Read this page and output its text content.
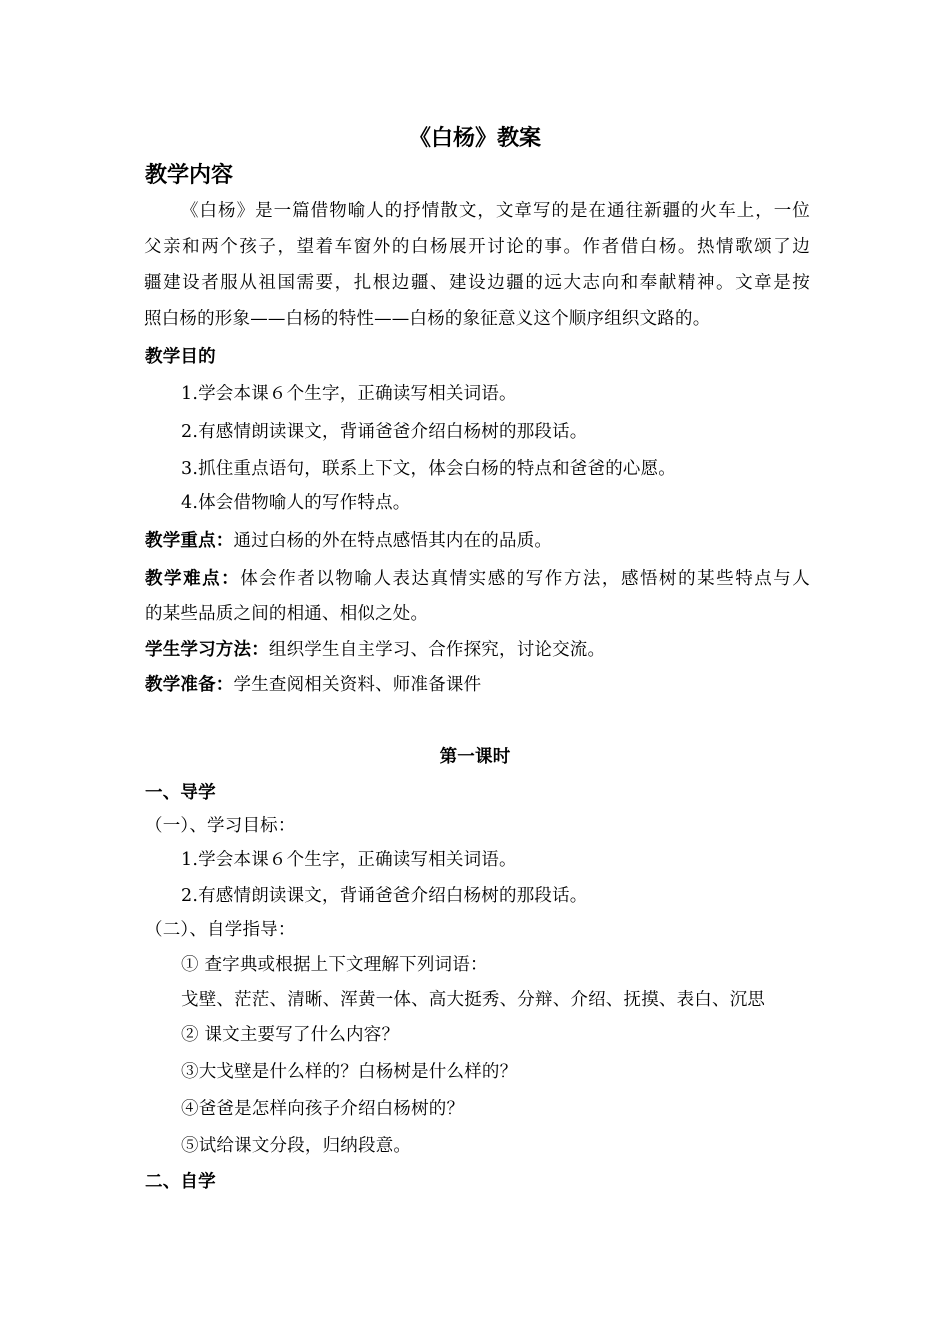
《白杨》教案
教学内容
《白杨》是一篇借物喻人的抒情散文，文章写的是在通往新疆的火车上，一位
父亲和两个孩子，望着车窗外的白杨展开讨论的事。作者借白杨。热情歌颂了边
疆建设者服从祖国需要，扎根边疆、建设边疆的远大志向和奉献精神。文章是按
照白杨的形象——白杨的特性——白杨的象征意义这个顺序组织文路的。
教学目的
1.学会本课６个生字，正确读写相关词语。
2.有感情朗读课文，背诵爸爸介绍白杨树的那段话。
3.抓住重点语句，联系上下文，体会白杨的特点和爸爸的心愿。
4.体会借物喻人的写作特点。
教学重点：通过白杨的外在特点感悟其内在的品质。
教学难点：体会作者以物喻人表达真情实感的写作方法，感悟树的某些特点与人
的某些品质之间的相通、相似之处。
学生学习方法：组织学生自主学习、合作探究，讨论交流。
教学准备：学生查阅相关资料、师准备课件
第一课时
一、导学
（一）、学习目标：
1.学会本课６个生字，正确读写相关词语。
2.有感情朗读课文，背诵爸爸介绍白杨树的那段话。
（二）、自学指导：
① 查字典或根据上下文理解下列词语：
戈壁、茫茫、清晰、浑黄一体、高大挺秀、分辩、介绍、抚摸、表白、沉思
② 课文主要写了什么内容？
③大戈壁是什么样的？白杨树是什么样的？
④爸爸是怎样向孩子介绍白杨树的？
⑤试给课文分段，归纳段意。
二、自学
